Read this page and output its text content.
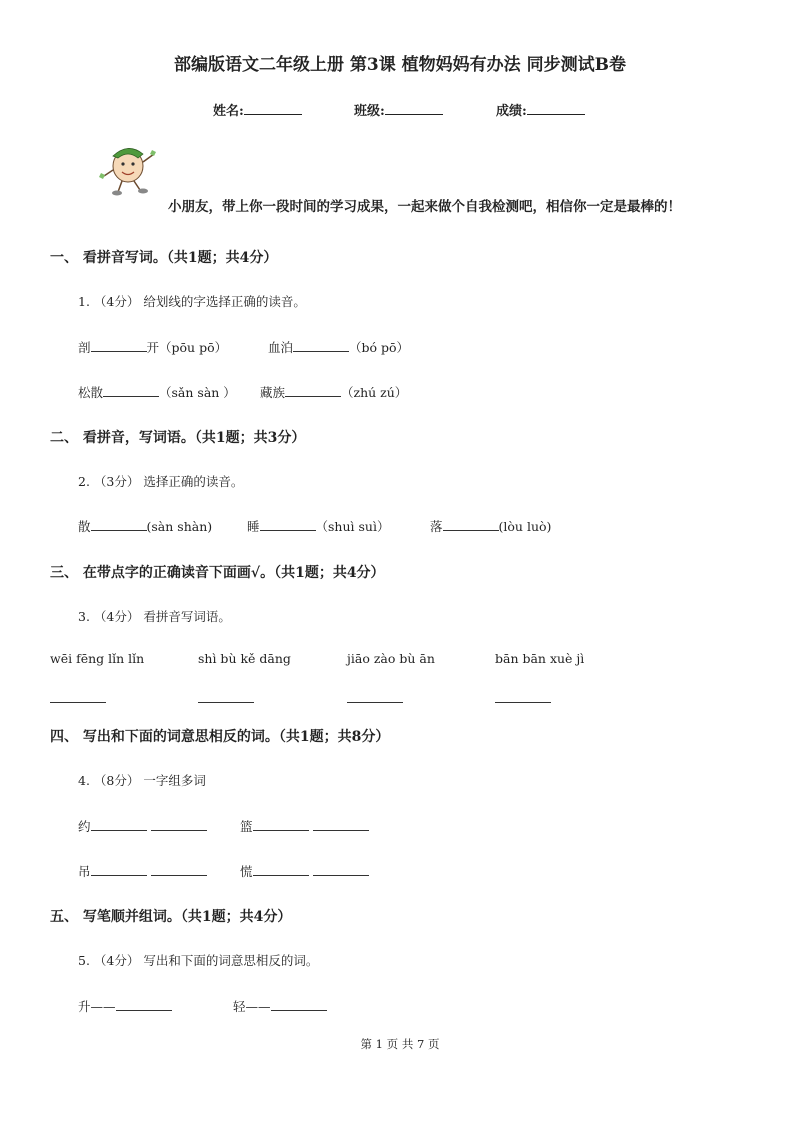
部编版语文二年级上册 第3课 植物妈妈有办法 同步测试B卷
姓名:	班级:	成绩:
小朋友，带上你一段时间的学习成果，一起来做个自我检测吧，相信你一定是最棒的！
一、 看拼音写词。（共1题；共4分）
1. （4分） 给划线的字选择正确的读音。
剖	开（pōu pō）	血泊	（bó pō）
松散	（sǎn sàn ） 藏族	（zhú zú）
二、 看拼音，写词语。（共1题；共3分）
2. （3分） 选择正确的读音。
散	(sàn shàn)	睡	（shuì suì）	落	(lòu luò)
三、 在带点字的正确读音下面画√。（共1题；共4分）
3. （4分） 看拼音写词语。
wēi fēng lǐn lǐn	shì bù kě dāng	jiāo zào bù ān	bān bān xuè jì
四、 写出和下面的词意思相反的词。（共1题；共8分）
4. （8分） 一字组多词
约	篮
吊	慌
五、 写笔顺并组词。（共1题；共4分）
5. （4分） 写出和下面的词意思相反的词。
升——	轻——
第 1 页 共 7 页
